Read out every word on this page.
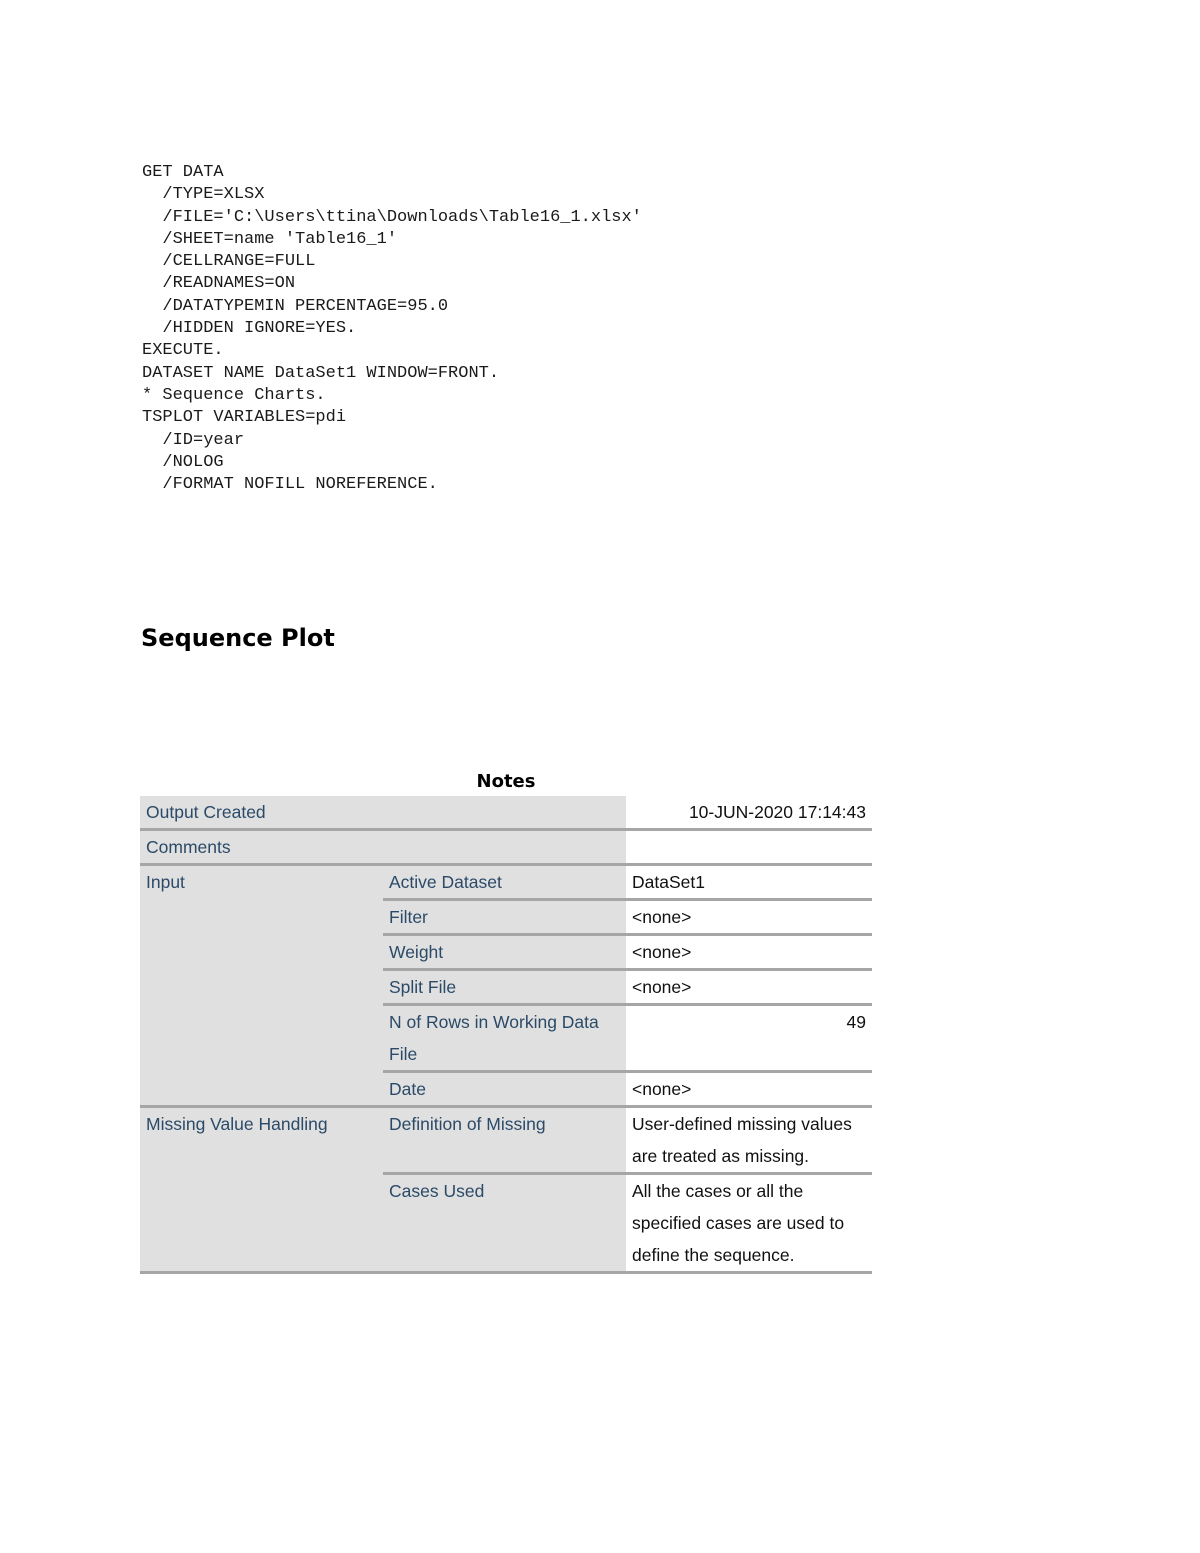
GET DATA
/TYPE=XLSX
/FILE='C:\Users\ttina\Downloads\Table16_1.xlsx'
/SHEET=name 'Table16_1'
/CELLRANGE=FULL
/READNAMES=ON
/DATATYPEMIN PERCENTAGE=95.0
/HIDDEN IGNORE=YES.
EXECUTE.
DATASET NAME DataSet1 WINDOW=FRONT.
* Sequence Charts.
TSPLOT VARIABLES=pdi
/ID=year
/NOLOG
/FORMAT NOFILL NOREFERENCE.
Sequence Plot
Notes
Output Created		10-JUN-2020 17:14:43
Comments		
Input	Active Dataset	DataSet1
	Filter	<none>
	Weight	<none>
	Split File	<none>
	N of Rows in Working Data File	49
	Date	<none>
Missing Value Handling	Definition of Missing	User-defined missing values are treated as missing.
	Cases Used	All the cases or all the specified cases are used to define the sequence.
